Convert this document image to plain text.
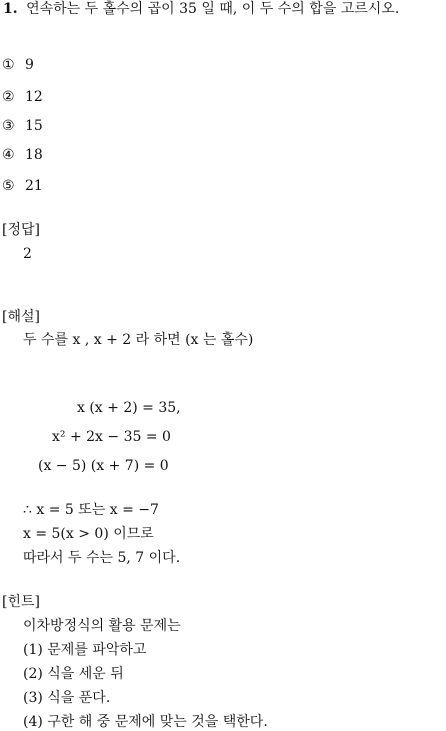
1. 연속하는 두 홀수의 곱이 35 일 때, 이 두 수의 합을 고르시오.
① 9
② 12
③ 15
④ 18
⑤ 21
[정답]
2
[해설]
두 수를 x , x + 2 라 하면 (x 는 홀수)
x (x + 2) = 35,
x² + 2x − 35 = 0
(x − 5) (x + 7) = 0
∴ x = 5 또는 x = −7
x = 5(x > 0) 이므로
따라서 두 수는 5, 7 이다.
[힌트]
이차방정식의 활용 문제는
(1) 문제를 파악하고
(2) 식을 세운 뒤
(3) 식을 푼다.
(4) 구한 해 중 문제에 맞는 것을 택한다.
